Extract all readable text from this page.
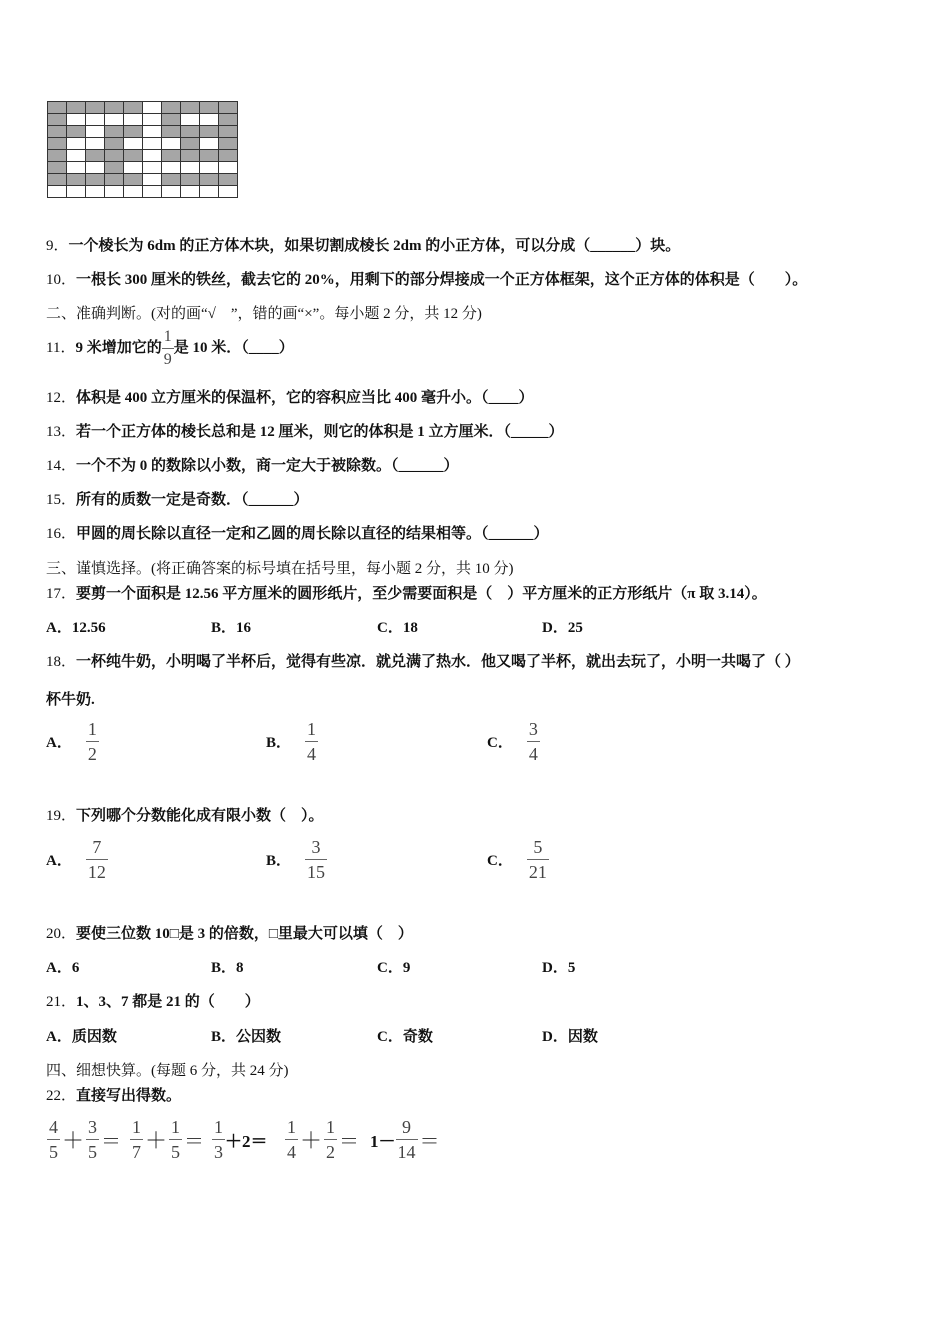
9．一个棱长为 6dm 的正方体木块，如果切割成棱长 2dm 的小正方体，可以分成（______）块。
10．一根长 300 厘米的铁丝，截去它的 20%，用剩下的部分焊接成一个正方体框架，这个正方体的体积是（　　）。
二、准确判断。(对的画“√　”，错的画“×”。每小题 2 分，共 12 分)
11． 9 米增加它的 $\frac{1}{9}$ 是 10 米．（____）
12．体积是 400 立方厘米的保温杯，它的容积应当比 400 毫升小。（____）
13．若一个正方体的棱长总和是 12 厘米，则它的体积是 1 立方厘米．（_____）
14．一个不为 0 的数除以小数，商一定大于被除数。（______）
15．所有的质数一定是奇数．（______）
16．甲圆的周长除以直径一定和乙圆的周长除以直径的结果相等。（______）
三、谨慎选择。(将正确答案的标号填在括号里，每小题 2 分，共 10 分)
17．要剪一个面积是 12.56 平方厘米的圆形纸片，至少需要面积是（　）平方厘米的正方形纸片（π 取 3.14）。
A．12.56	B．16	C．18	D．25
18．一杯纯牛奶，小明喝了半杯后，觉得有些凉．就兑满了热水．他又喝了半杯，就出去玩了，小明一共喝了（ ）
杯牛奶.
A． $\frac{1}{2}$	B． $\frac{1}{4}$	C． $\frac{3}{4}$
19．下列哪个分数能化成有限小数（　）。
A． $\frac{7}{12}$	B． $\frac{3}{15}$	C． $\frac{5}{21}$
20．要使三位数 10□是 3 的倍数，□里最大可以填（　）
A．6	B．8	C．9	D．5
21．1、3、7 都是 21 的（　　）
A．质因数	B．公因数	C．奇数	D．因数
四、细想快算。(每题 6 分，共 24 分)
22．直接写出得数。
$\frac{4}{5} + \frac{3}{5} = \frac{1}{7} + \frac{1}{5} = \frac{1}{3} +2= \frac{1}{4} + \frac{1}{2} = 1- \frac{9}{14}$ ＝
